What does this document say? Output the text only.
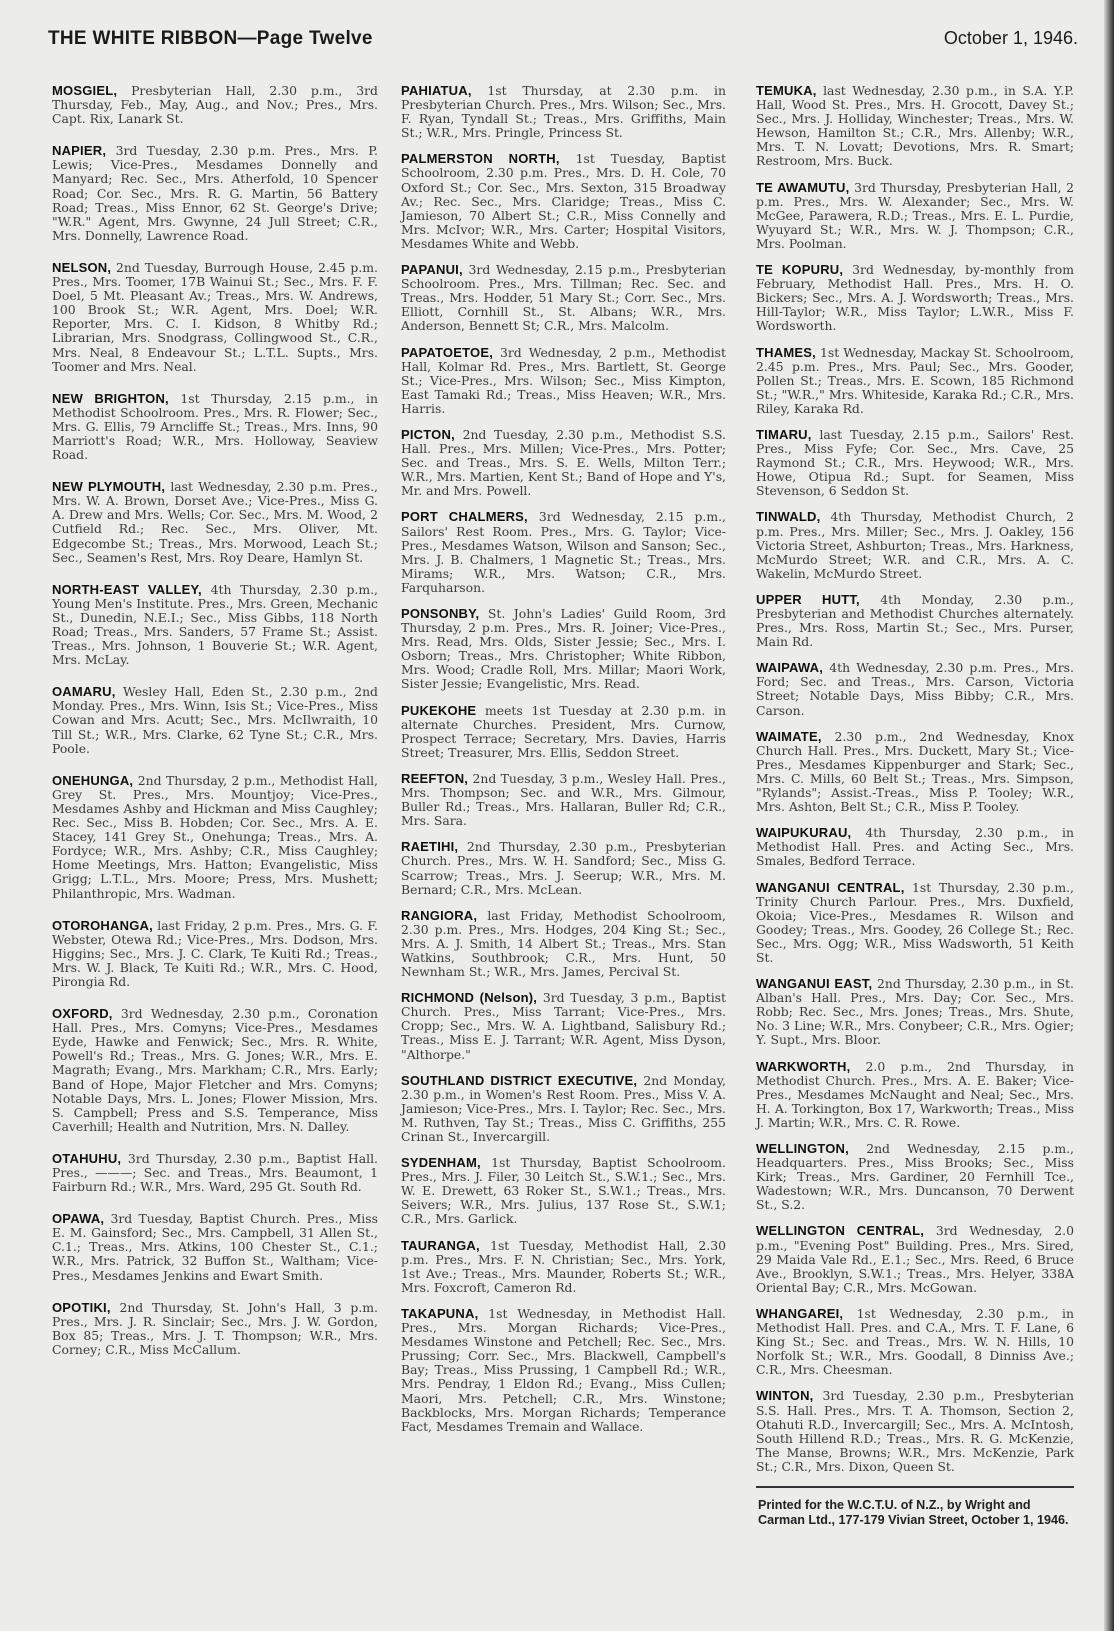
THE WHITE RIBBON—Page Twelve	October 1, 1946.
MOSGIEL, Presbyterian Hall, 2.30 p.m., 3rd Thursday, Feb., May, Aug., and Nov.; Pres., Mrs. Capt. Rix, Lanark St.
NAPIER, 3rd Tuesday, 2.30 p.m. Pres., Mrs. P. Lewis; Vice-Pres., Mesdames Donnelly and Manyard; Rec. Sec., Mrs. Atherfold, 10 Spencer Road; Cor. Sec., Mrs. R. G. Martin, 56 Battery Road; Treas., Miss Ennor, 62 St. George's Drive; "W.R." Agent, Mrs. Gwynne, 24 Jull Street; C.R., Mrs. Donnelly, Lawrence Road.
NELSON, 2nd Tuesday, Burrough House, 2.45 p.m. Pres., Mrs. Toomer, 17B Wainui St.; Sec., Mrs. F. F. Doel, 5 Mt. Pleasant Av.; Treas., Mrs. W. Andrews, 100 Brook St.; W.R. Agent, Mrs. Doel; W.R. Reporter, Mrs. C. I. Kidson, 8 Whitby Rd.; Librarian, Mrs. Snodgrass, Collingwood St., C.R., Mrs. Neal, 8 Endeavour St.; L.T.L. Supts., Mrs. Toomer and Mrs. Neal.
NEW BRIGHTON, 1st Thursday, 2.15 p.m., in Methodist Schoolroom. Pres., Mrs. R. Flower; Sec., Mrs. G. Ellis, 79 Arncliffe St.; Treas., Mrs. Inns, 90 Marriott's Road; W.R., Mrs. Holloway, Seaview Road.
NEW PLYMOUTH, last Wednesday, 2.30 p.m. Pres., Mrs. W. A. Brown, Dorset Ave.; Vice-Pres., Miss G. A. Drew and Mrs. Wells; Cor. Sec., Mrs. M. Wood, 2 Cutfield Rd.; Rec. Sec., Mrs. Oliver, Mt. Edgecombe St.; Treas., Mrs. Morwood, Leach St.; Sec., Seamen's Rest, Mrs. Roy Deare, Hamlyn St.
NORTH-EAST VALLEY, 4th Thursday, 2.30 p.m., Young Men's Institute. Pres., Mrs. Green, Mechanic St., Dunedin, N.E.I.; Sec., Miss Gibbs, 118 North Road; Treas., Mrs. Sanders, 57 Frame St.; Assist. Treas., Mrs. Johnson, 1 Bouverie St.; W.R. Agent, Mrs. McLay.
OAMARU, Wesley Hall, Eden St., 2.30 p.m., 2nd Monday. Pres., Mrs. Winn, Isis St.; Vice-Pres., Miss Cowan and Mrs. Acutt; Sec., Mrs. McIlwraith, 10 Till St.; W.R., Mrs. Clarke, 62 Tyne St.; C.R., Mrs. Poole.
ONEHUNGA, 2nd Thursday, 2 p.m., Methodist Hall, Grey St. Pres., Mrs. Mountjoy; Vice-Pres., Mesdames Ashby and Hickman and Miss Caughley; Rec. Sec., Miss B. Hobden; Cor. Sec., Mrs. A. E. Stacey, 141 Grey St., Onehunga; Treas., Mrs. A. Fordyce; W.R., Mrs. Ashby; C.R., Miss Caughley; Home Meetings, Mrs. Hatton; Evangelistic, Miss Grigg; L.T.L., Mrs. Moore; Press, Mrs. Mushett; Philanthropic, Mrs. Wadman.
OTOROHANGA, last Friday, 2 p.m. Pres., Mrs. G. F. Webster, Otewa Rd.; Vice-Pres., Mrs. Dodson, Mrs. Higgins; Sec., Mrs. J. C. Clark, Te Kuiti Rd.; Treas., Mrs. W. J. Black, Te Kuiti Rd.; W.R., Mrs. C. Hood, Pirongia Rd.
OXFORD, 3rd Wednesday, 2.30 p.m., Coronation Hall. Pres., Mrs. Comyns; Vice-Pres., Mesdames Eyde, Hawke and Fenwick; Sec., Mrs. R. White, Powell's Rd.; Treas., Mrs. G. Jones; W.R., Mrs. E. Magrath; Evang., Mrs. Markham; C.R., Mrs. Early; Band of Hope, Major Fletcher and Mrs. Comyns; Notable Days, Mrs. L. Jones; Flower Mission, Mrs. S. Campbell; Press and S.S. Temperance, Miss Caverhill; Health and Nutrition, Mrs. N. Dalley.
OTAHUHU, 3rd Thursday, 2.30 p.m., Baptist Hall. Pres., ———; Sec. and Treas., Mrs. Beaumont, 1 Fairburn Rd.; W.R., Mrs. Ward, 295 Gt. South Rd.
OPAWA, 3rd Tuesday, Baptist Church. Pres., Miss E. M. Gainsford; Sec., Mrs. Campbell, 31 Allen St., C.1.; Treas., Mrs. Atkins, 100 Chester St., C.1.; W.R., Mrs. Patrick, 32 Buffon St., Waltham; Vice-Pres., Mesdames Jenkins and Ewart Smith.
OPOTIKI, 2nd Thursday, St. John's Hall, 3 p.m. Pres., Mrs. J. R. Sinclair; Sec., Mrs. J. W. Gordon, Box 85; Treas., Mrs. J. T. Thompson; W.R., Mrs. Corney; C.R., Miss McCallum.
PAHIATUA, 1st Thursday, at 2.30 p.m. in Presbyterian Church. Pres., Mrs. Wilson; Sec., Mrs. F. Ryan, Tyndall St.; Treas., Mrs. Griffiths, Main St.; W.R., Mrs. Pringle, Princess St.
PALMERSTON NORTH, 1st Tuesday, Baptist Schoolroom, 2.30 p.m. Pres., Mrs. D. H. Cole, 70 Oxford St.; Cor. Sec., Mrs. Sexton, 315 Broadway Av.; Rec. Sec., Mrs. Claridge; Treas., Miss C. Jamieson, 70 Albert St.; C.R., Miss Connelly and Mrs. McIvor; W.R., Mrs. Carter; Hospital Visitors, Mesdames White and Webb.
PAPANUI, 3rd Wednesday, 2.15 p.m., Presbyterian Schoolroom. Pres., Mrs. Tillman; Rec. Sec. and Treas., Mrs. Hodder, 51 Mary St.; Corr. Sec., Mrs. Elliott, Cornhill St., St. Albans; W.R., Mrs. Anderson, Bennett St; C.R., Mrs. Malcolm.
PAPATOETOE, 3rd Wednesday, 2 p.m., Methodist Hall, Kolmar Rd. Pres., Mrs. Bartlett, St. George St.; Vice-Pres., Mrs. Wilson; Sec., Miss Kimpton, East Tamaki Rd.; Treas., Miss Heaven; W.R., Mrs. Harris.
PICTON, 2nd Tuesday, 2.30 p.m., Methodist S.S. Hall. Pres., Mrs. Millen; Vice-Pres., Mrs. Potter; Sec. and Treas., Mrs. S. E. Wells, Milton Terr.; W.R., Mrs. Martien, Kent St.; Band of Hope and Y's, Mr. and Mrs. Powell.
PORT CHALMERS, 3rd Wednesday, 2.15 p.m., Sailors' Rest Room. Pres., Mrs. G. Taylor; Vice-Pres., Mesdames Watson, Wilson and Sanson; Sec., Mrs. J. B. Chalmers, 1 Magnetic St.; Treas., Mrs. Mirams; W.R., Mrs. Watson; C.R., Mrs. Farquharson.
PONSONBY, St. John's Ladies' Guild Room, 3rd Thursday, 2 p.m. Pres., Mrs. R. Joiner; Vice-Pres., Mrs. Read, Mrs. Olds, Sister Jessie; Sec., Mrs. I. Osborn; Treas., Mrs. Christopher; White Ribbon, Mrs. Wood; Cradle Roll, Mrs. Millar; Maori Work, Sister Jessie; Evangelistic, Mrs. Read.
PUKEKOHE meets 1st Tuesday at 2.30 p.m. in alternate Churches. President, Mrs. Curnow, Prospect Terrace; Secretary, Mrs. Davies, Harris Street; Treasurer, Mrs. Ellis, Seddon Street.
REEFTON, 2nd Tuesday, 3 p.m., Wesley Hall. Pres., Mrs. Thompson; Sec. and W.R., Mrs. Gilmour, Buller Rd.; Treas., Mrs. Hallaran, Buller Rd; C.R., Mrs. Sara.
RAETIHI, 2nd Thursday, 2.30 p.m., Presbyterian Church. Pres., Mrs. W. H. Sandford; Sec., Miss G. Scarrow; Treas., Mrs. J. Seerup; W.R., Mrs. M. Bernard; C.R., Mrs. McLean.
RANGIORA, last Friday, Methodist Schoolroom, 2.30 p.m. Pres., Mrs. Hodges, 204 King St.; Sec., Mrs. A. J. Smith, 14 Albert St.; Treas., Mrs. Stan Watkins, Southbrook; C.R., Mrs. Hunt, 50 Newnham St.; W.R., Mrs. James, Percival St.
RICHMOND (Nelson), 3rd Tuesday, 3 p.m., Baptist Church. Pres., Miss Tarrant; Vice-Pres., Mrs. Cropp; Sec., Mrs. W. A. Lightband, Salisbury Rd.; Treas., Miss E. J. Tarrant; W.R. Agent, Miss Dyson, "Althorpe."
SOUTHLAND DISTRICT EXECUTIVE, 2nd Monday, 2.30 p.m., in Women's Rest Room. Pres., Miss V. A. Jamieson; Vice-Pres., Mrs. I. Taylor; Rec. Sec., Mrs. M. Ruthven, Tay St.; Treas., Miss C. Griffiths, 255 Crinan St., Invercargill.
SYDENHAM, 1st Thursday, Baptist Schoolroom. Pres., Mrs. J. Filer, 30 Leitch St., S.W.1.; Sec., Mrs. W. E. Drewett, 63 Roker St., S.W.1.; Treas., Mrs. Seivers; W.R., Mrs. Julius, 137 Rose St., S.W.1; C.R., Mrs. Garlick.
TAURANGA, 1st Tuesday, Methodist Hall, 2.30 p.m. Pres., Mrs. F. N. Christian; Sec., Mrs. York, 1st Ave.; Treas., Mrs. Maunder, Roberts St.; W.R., Mrs. Foxcroft, Cameron Rd.
TAKAPUNA, 1st Wednesday, in Methodist Hall. Pres., Mrs. Morgan Richards; Vice-Pres., Mesdames Winstone and Petchell; Rec. Sec., Mrs. Prussing; Corr. Sec., Mrs. Blackwell, Campbell's Bay; Treas., Miss Prussing, 1 Campbell Rd.; W.R., Mrs. Pendray, 1 Eldon Rd.; Evang., Miss Cullen; Maori, Mrs. Petchell; C.R., Mrs. Winstone; Backblocks, Mrs. Morgan Richards; Temperance Fact, Mesdames Tremain and Wallace.
TEMUKA, last Wednesday, 2.30 p.m., in S.A. Y.P. Hall, Wood St. Pres., Mrs. H. Grocott, Davey St.; Sec., Mrs. J. Holliday, Winchester; Treas., Mrs. W. Hewson, Hamilton St.; C.R., Mrs. Allenby; W.R., Mrs. T. N. Lovatt; Devotions, Mrs. R. Smart; Restroom, Mrs. Buck.
TE AWAMUTU, 3rd Thursday, Presbyterian Hall, 2 p.m. Pres., Mrs. W. Alexander; Sec., Mrs. W. McGee, Parawera, R.D.; Treas., Mrs. E. L. Purdie, Wyuyard St.; W.R., Mrs. W. J. Thompson; C.R., Mrs. Poolman.
TE KOPURU, 3rd Wednesday, by-monthly from February, Methodist Hall. Pres., Mrs. H. O. Bickers; Sec., Mrs. A. J. Wordsworth; Treas., Mrs. Hill-Taylor; W.R., Miss Taylor; L.W.R., Miss F. Wordsworth.
THAMES, 1st Wednesday, Mackay St. Schoolroom, 2.45 p.m. Pres., Mrs. Paul; Sec., Mrs. Gooder, Pollen St.; Treas., Mrs. E. Scown, 185 Richmond St.; "W.R.," Mrs. Whiteside, Karaka Rd.; C.R., Mrs. Riley, Karaka Rd.
TIMARU, last Tuesday, 2.15 p.m., Sailors' Rest. Pres., Miss Fyfe; Cor. Sec., Mrs. Cave, 25 Raymond St.; C.R., Mrs. Heywood; W.R., Mrs. Howe, Otipua Rd.; Supt. for Seamen, Miss Stevenson, 6 Seddon St.
TINWALD, 4th Thursday, Methodist Church, 2 p.m. Pres., Mrs. Miller; Sec., Mrs. J. Oakley, 156 Victoria Street, Ashburton; Treas., Mrs. Harkness, McMurdo Street; W.R. and C.R., Mrs. A. C. Wakelin, McMurdo Street.
UPPER HUTT, 4th Monday, 2.30 p.m., Presbyterian and Methodist Churches alternately. Pres., Mrs. Ross, Martin St.; Sec., Mrs. Purser, Main Rd.
WAIPAWA, 4th Wednesday, 2.30 p.m. Pres., Mrs. Ford; Sec. and Treas., Mrs. Carson, Victoria Street; Notable Days, Miss Bibby; C.R., Mrs. Carson.
WAIMATE, 2.30 p.m., 2nd Wednesday, Knox Church Hall. Pres., Mrs. Duckett, Mary St.; Vice-Pres., Mesdames Kippenburger and Stark; Sec., Mrs. C. Mills, 60 Belt St.; Treas., Mrs. Simpson, "Rylands"; Assist.-Treas., Miss P. Tooley; W.R., Mrs. Ashton, Belt St.; C.R., Miss P. Tooley.
WAIPUKURAU, 4th Thursday, 2.30 p.m., in Methodist Hall. Pres. and Acting Sec., Mrs. Smales, Bedford Terrace.
WANGANUI CENTRAL, 1st Thursday, 2.30 p.m., Trinity Church Parlour. Pres., Mrs. Duxfield, Okoia; Vice-Pres., Mesdames R. Wilson and Goodey; Treas., Mrs. Goodey, 26 College St.; Rec. Sec., Mrs. Ogg; W.R., Miss Wadsworth, 51 Keith St.
WANGANUI EAST, 2nd Thursday, 2.30 p.m., in St. Alban's Hall. Pres., Mrs. Day; Cor. Sec., Mrs. Robb; Rec. Sec., Mrs. Jones; Treas., Mrs. Shute, No. 3 Line; W.R., Mrs. Conybeer; C.R., Mrs. Ogier; Y. Supt., Mrs. Bloor.
WARKWORTH, 2.0 p.m., 2nd Thursday, in Methodist Church. Pres., Mrs. A. E. Baker; Vice-Pres., Mesdames McNaught and Neal; Sec., Mrs. H. A. Torkington, Box 17, Warkworth; Treas., Miss J. Martin; W.R., Mrs. C. R. Rowe.
WELLINGTON, 2nd Wednesday, 2.15 p.m., Headquarters. Pres., Miss Brooks; Sec., Miss Kirk; Treas., Mrs. Gardiner, 20 Fernhill Tce., Wadestown; W.R., Mrs. Duncanson, 70 Derwent St., S.2.
WELLINGTON CENTRAL, 3rd Wednesday, 2.0 p.m., "Evening Post" Building. Pres., Mrs. Sired, 29 Maida Vale Rd., E.1.; Sec., Mrs. Reed, 6 Bruce Ave., Brooklyn, S.W.1.; Treas., Mrs. Helyer, 338A Oriental Bay; C.R., Mrs. McGowan.
WHANGAREI, 1st Wednesday, 2.30 p.m., in Methodist Hall. Pres. and C.A., Mrs. T. F. Lane, 6 King St.; Sec. and Treas., Mrs. W. N. Hills, 10 Norfolk St.; W.R., Mrs. Goodall, 8 Dinniss Ave.; C.R., Mrs. Cheesman.
WINTON, 3rd Tuesday, 2.30 p.m., Presbyterian S.S. Hall. Pres., Mrs. T. A. Thomson, Section 2, Otahuti R.D., Invercargill; Sec., Mrs. A. McIntosh, South Hillend R.D.; Treas., Mrs. R. G. McKenzie, The Manse, Browns; W.R., Mrs. McKenzie, Park St.; C.R., Mrs. Dixon, Queen St.
Printed for the W.C.T.U. of N.Z., by Wright and Carman Ltd., 177-179 Vivian Street, October 1, 1946.
